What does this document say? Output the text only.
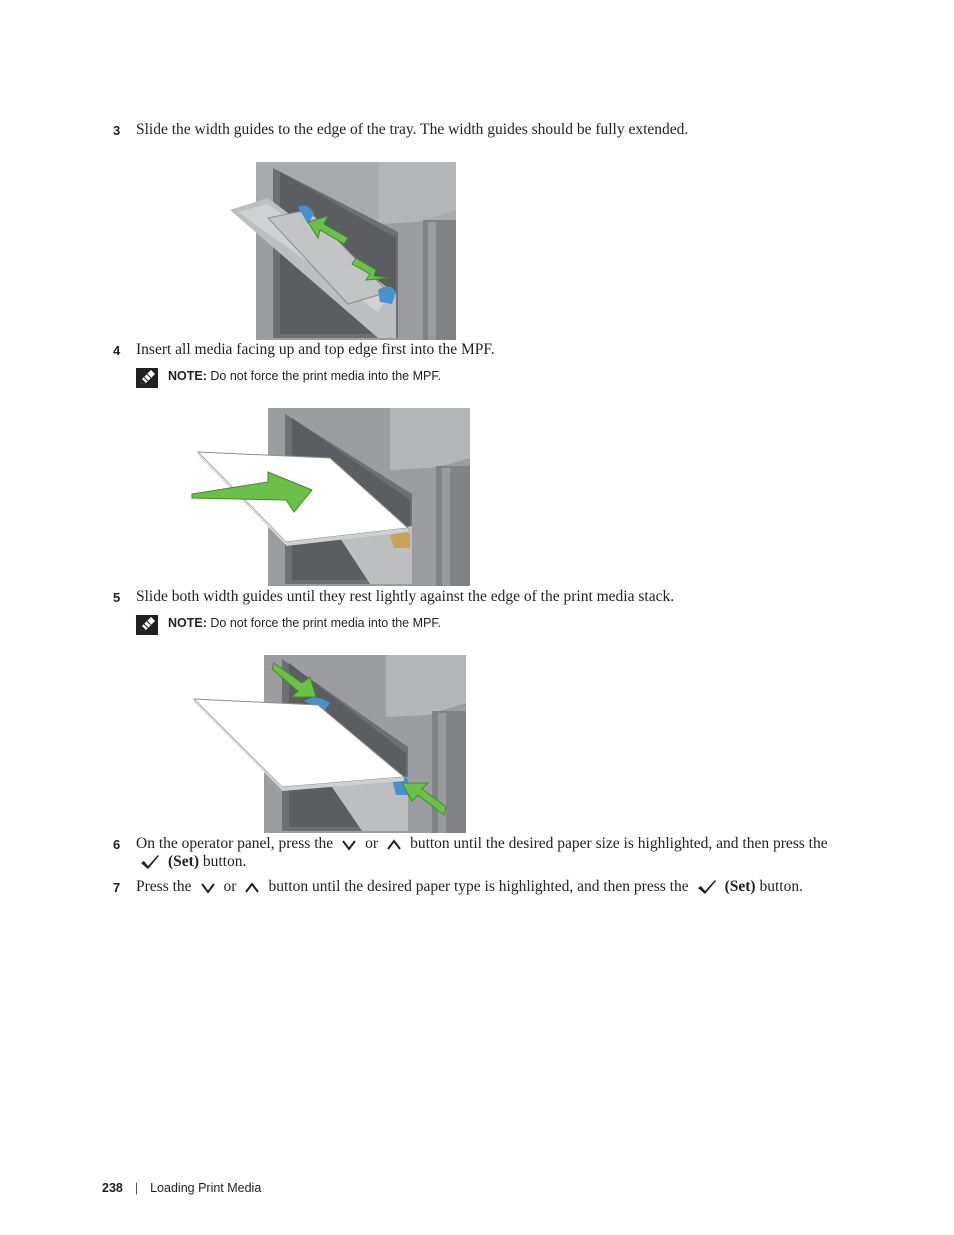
3 Slide the width guides to the edge of the tray. The width guides should be fully extended.
4 Insert all media facing up and top edge first into the MPF.
NOTE: Do not force the print media into the MPF.
5 Slide both width guides until they rest lightly against the edge of the print media stack.
NOTE: Do not force the print media into the MPF.
6 On the operator panel, press the or button until the desired paper size is highlighted, and then press the
(Set) button.
7 Press the or button until the desired paper type is highlighted, and then press the (Set) button.
238 | Loading Print Media
